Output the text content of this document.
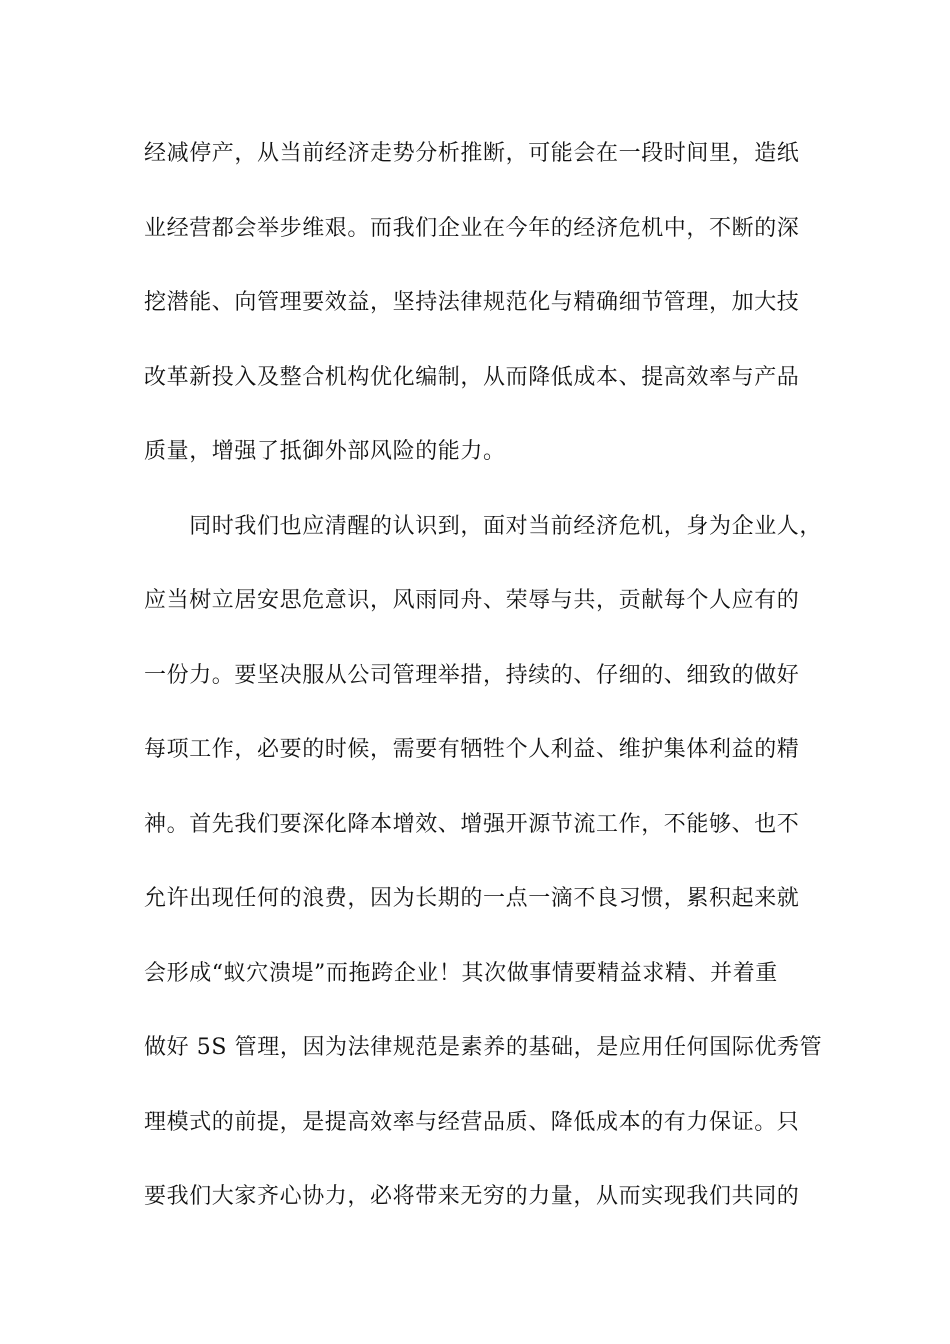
经减停产，从当前经济走势分析推断，可能会在一段时间里，造纸
业经营都会举步维艰。而我们企业在今年的经济危机中，不断的深
挖潜能、向管理要效益，坚持法律规范化与精确细节管理，加大技
改革新投入及整合机构优化编制，从而降低成本、提高效率与产品
质量，增强了抵御外部风险的能力。
　　同时我们也应清醒的认识到，面对当前经济危机，身为企业人，
应当树立居安思危意识，风雨同舟、荣辱与共，贡献每个人应有的
一份力。要坚决服从公司管理举措，持续的、仔细的、细致的做好
每项工作，必要的时候，需要有牺牲个人利益、维护集体利益的精
神。首先我们要深化降本增效、增强开源节流工作，不能够、也不
允许出现任何的浪费，因为长期的一点一滴不良习惯，累积起来就
会形成“蚁穴溃堤”而拖跨企业！其次做事情要精益求精、并着重
做好 5S 管理，因为法律规范是素养的基础，是应用任何国际优秀管
理模式的前提，是提高效率与经营品质、降低成本的有力保证。只
要我们大家齐心协力，必将带来无穷的力量，从而实现我们共同的
